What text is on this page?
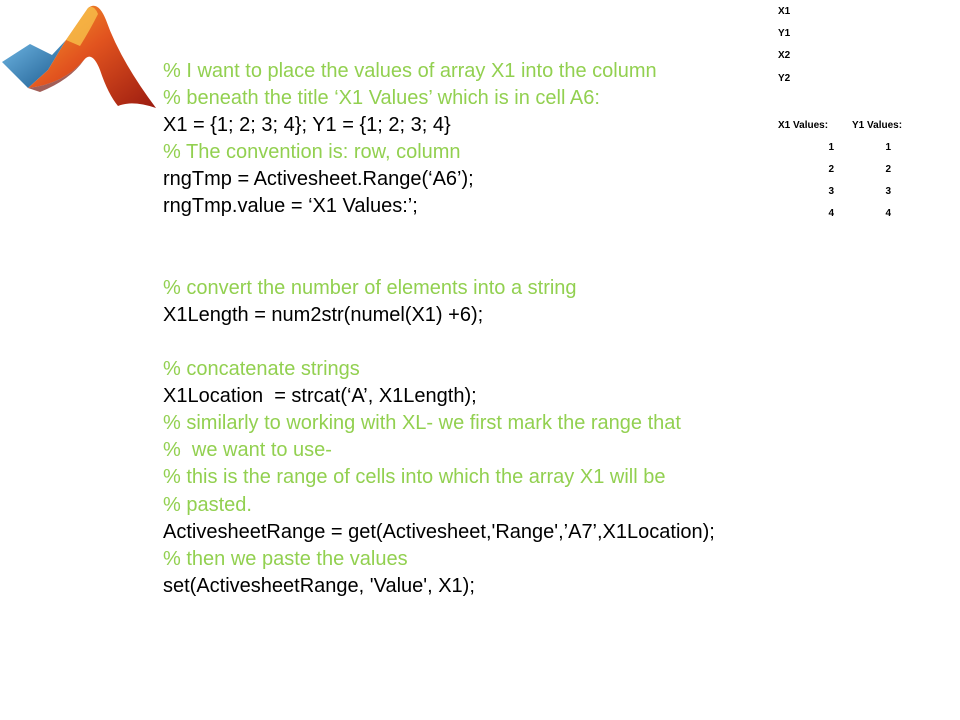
% I want to place the values of array X1 into the column
% beneath the title ‘X1 Values’ which is in cell A6:
X1 = {1; 2; 3; 4}; Y1 = {1; 2; 3; 4}
% The convention is: row, column
rngTmp = Activesheet.Range(‘A6’);
rngTmp.value = ‘X1 Values:’;
% convert the number of elements into a string
X1Length = num2str(numel(X1) +6);
% concatenate strings
X1Location  = strcat(‘A’, X1Length);
% similarly to working with XL- we first mark the range that
%  we want to use-
% this is the range of cells into which the array X1 will be
% pasted.
ActivesheetRange = get(Activesheet,'Range',’A7’,X1Location);
% then we paste the values
set(ActivesheetRange, 'Value', X1);
X1
Y1
X2
Y2
X1 Values: Y1 Values:
1
2
3
4
1
2
3
4
